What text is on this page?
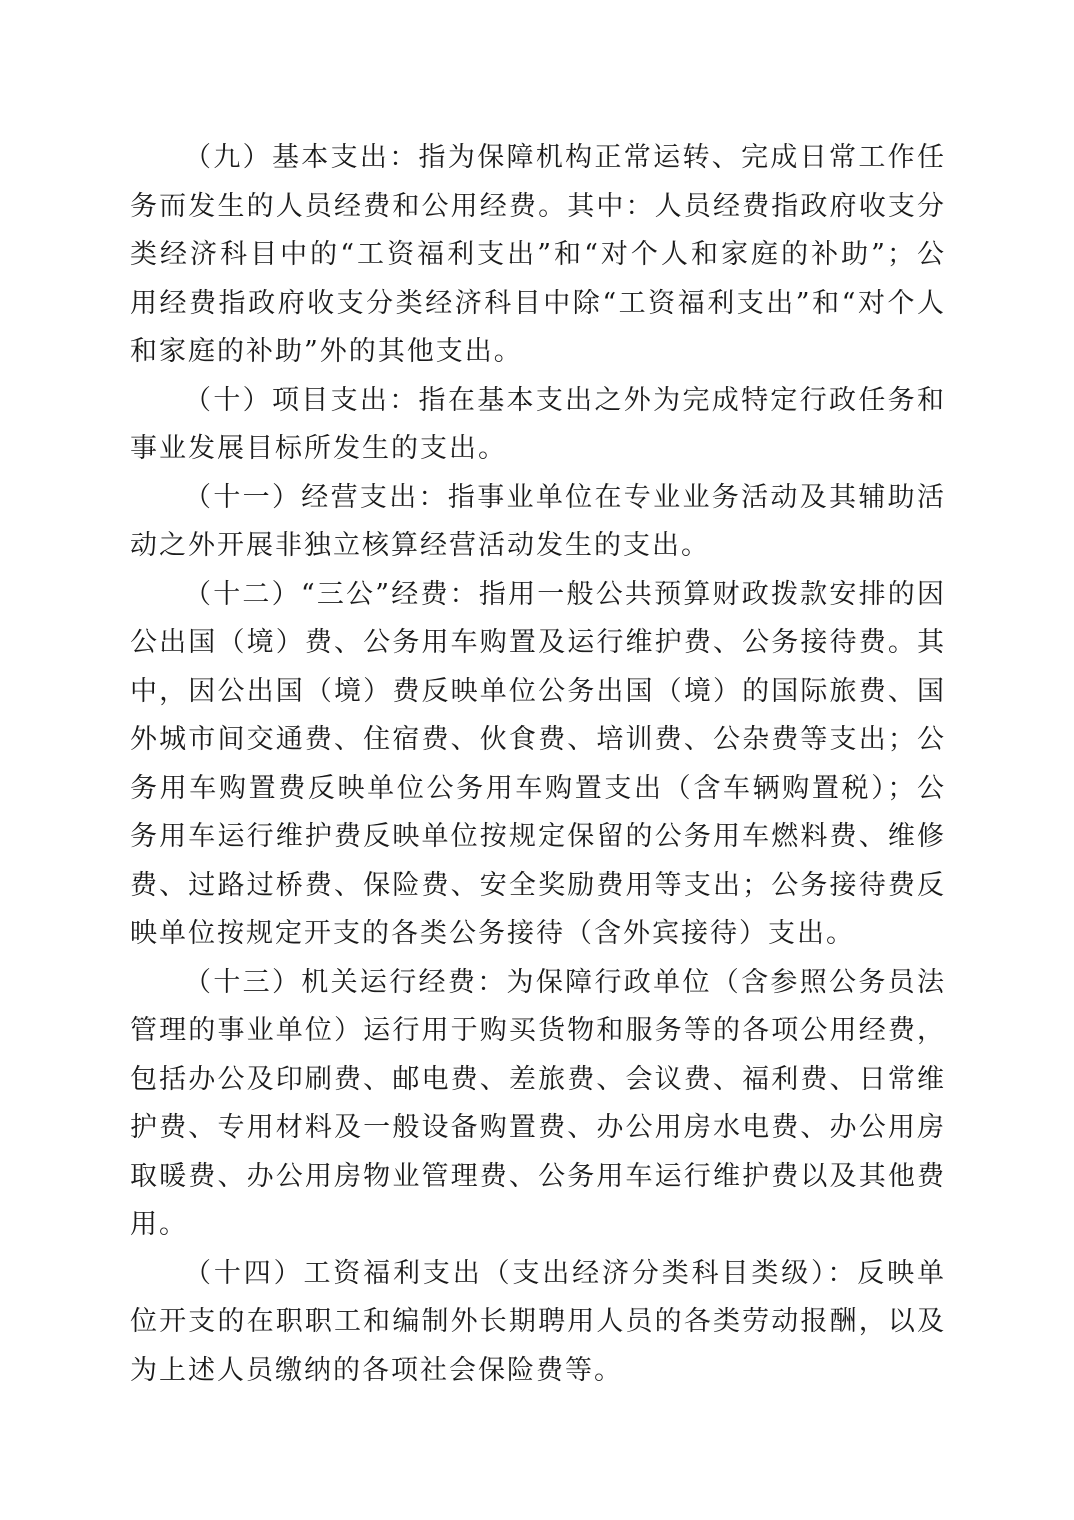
（九）基本支出：指为保障机构正常运转、完成日常工作任务而发生的人员经费和公用经费。其中：人员经费指政府收支分类经济科目中的“工资福利支出”和“对个人和家庭的补助”；公用经费指政府收支分类经济科目中除“工资福利支出”和“对个人和家庭的补助”外的其他支出。

（十）项目支出：指在基本支出之外为完成特定行政任务和事业发展目标所发生的支出。

（十一）经营支出：指事业单位在专业业务活动及其辅助活动之外开展非独立核算经营活动发生的支出。

（十二）“三公”经费：指用一般公共预算财政拨款安排的因公出国（境）费、公务用车购置及运行维护费、公务接待费。其中，因公出国（境）费反映单位公务出国（境）的国际旅费、国外城市间交通费、住宿费、伙食费、培训费、公杂费等支出；公务用车购置费反映单位公务用车购置支出（含车辆购置税）；公务用车运行维护费反映单位按规定保留的公务用车燃料费、维修费、过路过桥费、保险费、安全奖励费用等支出；公务接待费反映单位按规定开支的各类公务接待（含外宾接待）支出。

（十三）机关运行经费：为保障行政单位（含参照公务员法管理的事业单位）运行用于购买货物和服务等的各项公用经费，包括办公及印刷费、邮电费、差旅费、会议费、福利费、日常维护费、专用材料及一般设备购置费、办公用房水电费、办公用房取暖费、办公用房物业管理费、公务用车运行维护费以及其他费用。

（十四）工资福利支出（支出经济分类科目类级）：反映单位开支的在职职工和编制外长期聘用人员的各类劳动报酬，以及为上述人员缴纳的各项社会保险费等。
